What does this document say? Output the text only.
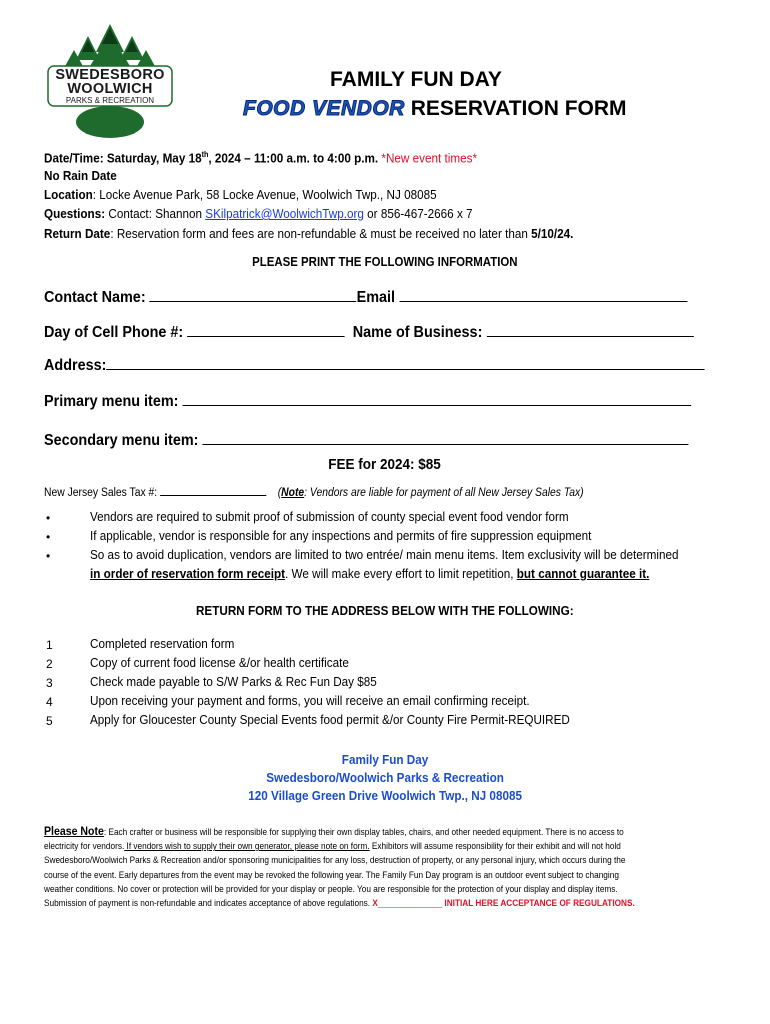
SWEDESBORO
WOOLWICH
PARKS & RECREATION
FAMILY FUN DAY
FOOD VENDOR RESERVATION FORM
Date/Time: Saturday, May 18th, 2024 – 11:00 a.m. to 4:00 p.m. *New event times*
No Rain Date
Location: Locke Avenue Park, 58 Locke Avenue, Woolwich Twp., NJ 08085
Questions: Contact: Shannon SKilpatrick@WoolwichTwp.org or 856-467-2666 x 7
Return Date: Reservation form and fees are non-refundable & must be received no later than 5/10/24.
PLEASE PRINT THE FOLLOWING INFORMATION
Contact Name:	Email
Day of Cell Phone #:	Name of Business:
Address:
Primary menu item:
Secondary menu item:
FEE for 2024: $85
New Jersey Sales Tax #:	(Note: Vendors are liable for payment of all New Jersey Sales Tax)
•	Vendors are required to submit proof of submission of county special event food vendor form
•	If applicable, vendor is responsible for any inspections and permits of fire suppression equipment
•	So as to avoid duplication, vendors are limited to two entrée/ main menu items. Item exclusivity will be determined
in order of reservation form receipt. We will make every effort to limit repetition, but cannot guarantee it.
RETURN FORM TO THE ADDRESS BELOW WITH THE FOLLOWING:
1	Completed reservation form
2	Copy of current food license &/or health certificate
3	Check made payable to S/W Parks & Rec Fun Day $85
4	Upon receiving your payment and forms, you will receive an email confirming receipt.
5	Apply for Gloucester County Special Events food permit &/or County Fire Permit-REQUIRED
Family Fun Day
Swedesboro/Woolwich Parks & Recreation
120 Village Green Drive Woolwich Twp., NJ 08085
Please Note: Each crafter or business will be responsible for supplying their own display tables, chairs, and other needed equipment. There is no access to
electricity for vendors. If vendors wish to supply their own generator, please note on form. Exhibitors will assume responsibility for their exhibit and will not hold
Swedesboro/Woolwich Parks & Recreation and/or sponsoring municipalities for any loss, destruction of property, or any personal injury, which occurs during the
course of the event. Early departures from the event may be revoked the following year. The Family Fun Day program is an outdoor event subject to changing
weather conditions. No cover or protection will be provided for your display or people. You are responsible for the protection of your display and display items.
Submission of payment is non-refundable and indicates acceptance of above regulations. X______________ INITIAL HERE ACCEPTANCE OF REGULATIONS.
